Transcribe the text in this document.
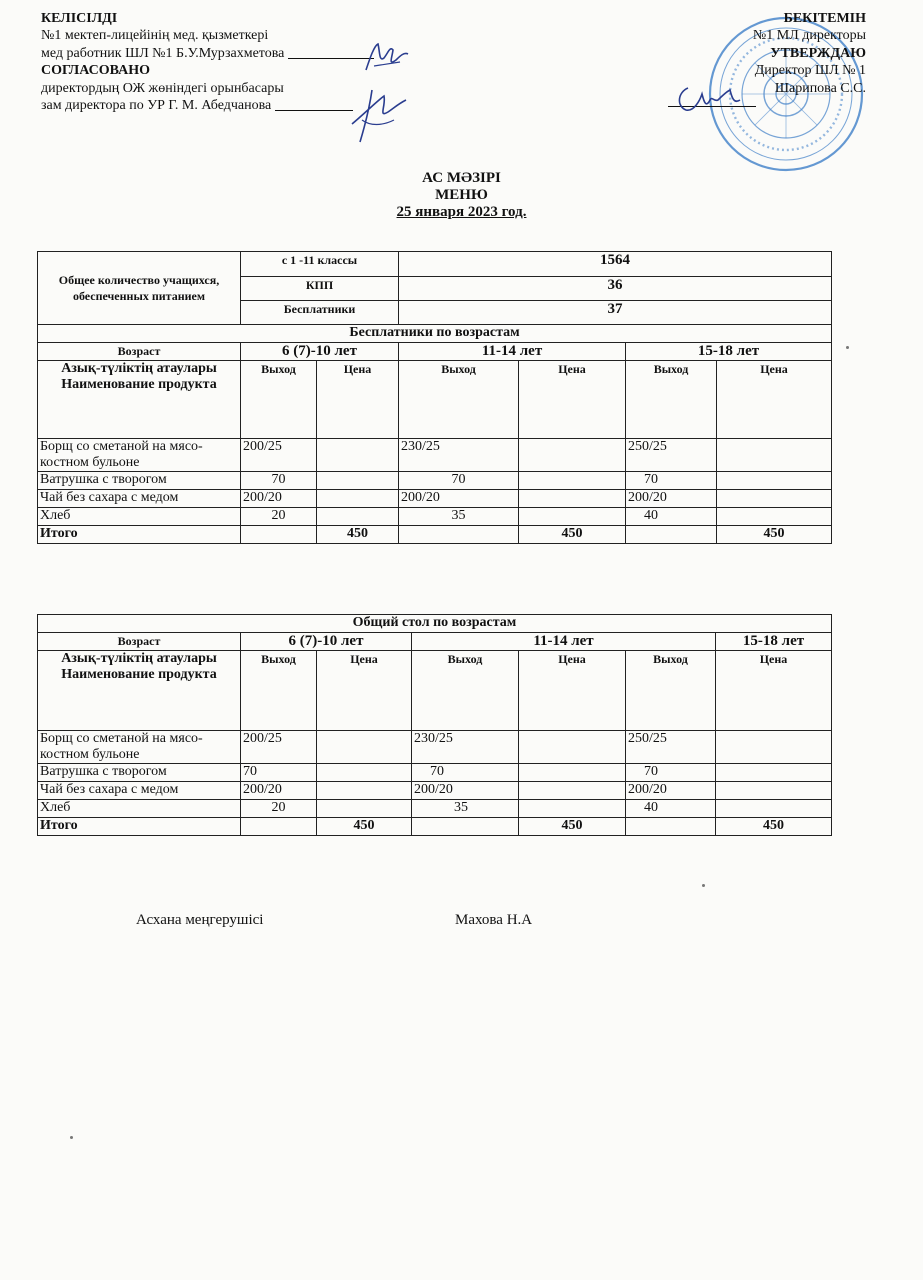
КЕЛІСІЛДІ
№1 мектеп-лицейінің мед. қызметкері
мед работник ШЛ №1 Б.У.Мурзахметова
СОГЛАСОВАНО
директордың ОЖ жөніндегі орынбасары
зам директора по УР Г. М. Абедчанова
БЕКІТЕМІН
№1 МЛ директоры
УТВЕРЖДАЮ
Директор ШЛ № 1
Шарипова С.С.
АС МӘЗІРІ
МЕНЮ
25 января 2023 год.
Общее количество учащихся, обеспеченных питанием	с 1 -11 классы		1564			
	КПП		36			
	Бесплатники		37			
Бесплатники по возрастам						
Возраст	6 (7)-10 лет		11-14 лет		15-18 лет	

Азық-түліктің атаулары
Наименование продукта	Выход	Цена	Выход	Цена	Выход	Цена
Борщ со сметаной на мясо-костном бульоне	200/25		230/25		250/25	
Ватрушка с творогом	70		70		70	
Чай без сахара с медом	200/20		200/20		200/20	
Хлеб	20		35		40	
Итого		450		450		450
Общий стол по возрастам						
Возраст	6 (7)-10 лет		11-14 лет			15-18 лет

Азық-түліктің атаулары
Наименование продукта	Выход	Цена	Выход	Цена	Выход	Цена
Борщ со сметаной на мясо-костном бульоне	200/25		230/25		250/25	
Ватрушка с творогом	70		70		70	
Чай без сахара с медом	200/20		200/20		200/20	
Хлеб	20		35		40	
Итого		450		450		450
Асхана меңгерушісі	Махова Н.А
